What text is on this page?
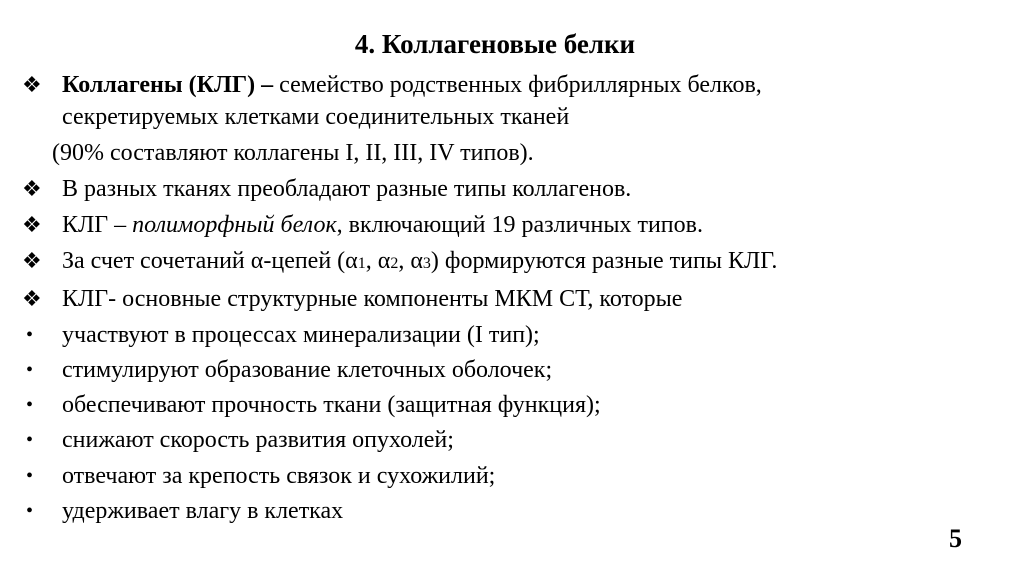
4. Коллагеновые белки
❖ Коллагены (КЛГ) – семейство родственных фибриллярных белков,

секретируемых клетками соединительных тканей

(90% составляют коллагены I, II, III, IV типов).

❖ В разных тканях преобладают разные типы коллагенов.

❖ КЛГ – полиморфный белок, включающий 19 различных типов.

❖ За счет сочетаний α-цепей (α1, α2, α3) формируются разные типы КЛГ.

❖ КЛГ- основные структурные компоненты МКМ СТ, которые

• участвуют в процессах минерализации (I тип);

• стимулируют образование клеточных оболочек;

• обеспечивают прочность ткани (защитная функция);

• снижают скорость развития опухолей;

• отвечают за крепость связок и сухожилий;

• удерживает влагу в клетках

5
